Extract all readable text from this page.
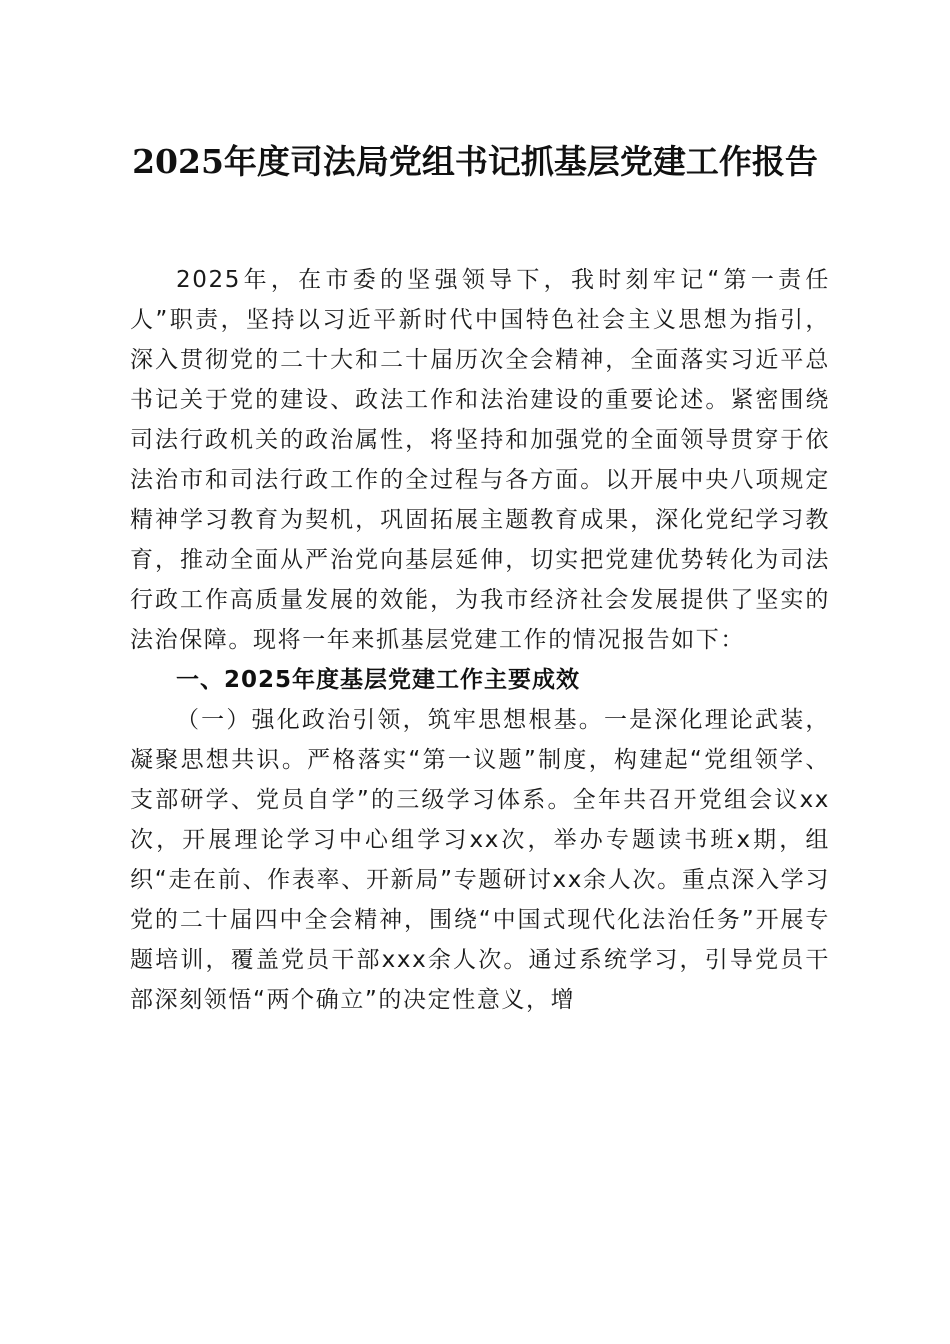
2025年度司法局党组书记抓基层党建工作报告

2025年，在市委的坚强领导下，我时刻牢记“第一责任人”职责，坚持以习近平新时代中国特色社会主义思想为指引，深入贯彻党的二十大和二十届历次全会精神，全面落实习近平总书记关于党的建设、政法工作和法治建设的重要论述。紧密围绕司法行政机关的政治属性，将坚持和加强党的全面领导贯穿于依法治市和司法行政工作的全过程与各方面。以开展中央八项规定精神学习教育为契机，巩固拓展主题教育成果，深化党纪学习教育，推动全面从严治党向基层延伸，切实把党建优势转化为司法行政工作高质量发展的效能，为我市经济社会发展提供了坚实的法治保障。现将一年来抓基层党建工作的情况报告如下：

一、2025年度基层党建工作主要成效

（一）强化政治引领，筑牢思想根基。一是深化理论武装，凝聚思想共识。严格落实“第一议题”制度，构建起“党组领学、支部研学、党员自学”的三级学习体系。全年共召开党组会议xx次，开展理论学习中心组学习xx次，举办专题读书班x期，组织“走在前、作表率、开新局”专题研讨xx余人次。重点深入学习党的二十届四中全会精神，围绕“中国式现代化法治任务”开展专题培训，覆盖党员干部xxx余人次。通过系统学习，引导党员干部深刻领悟“两个确立”的决定性意义，增
